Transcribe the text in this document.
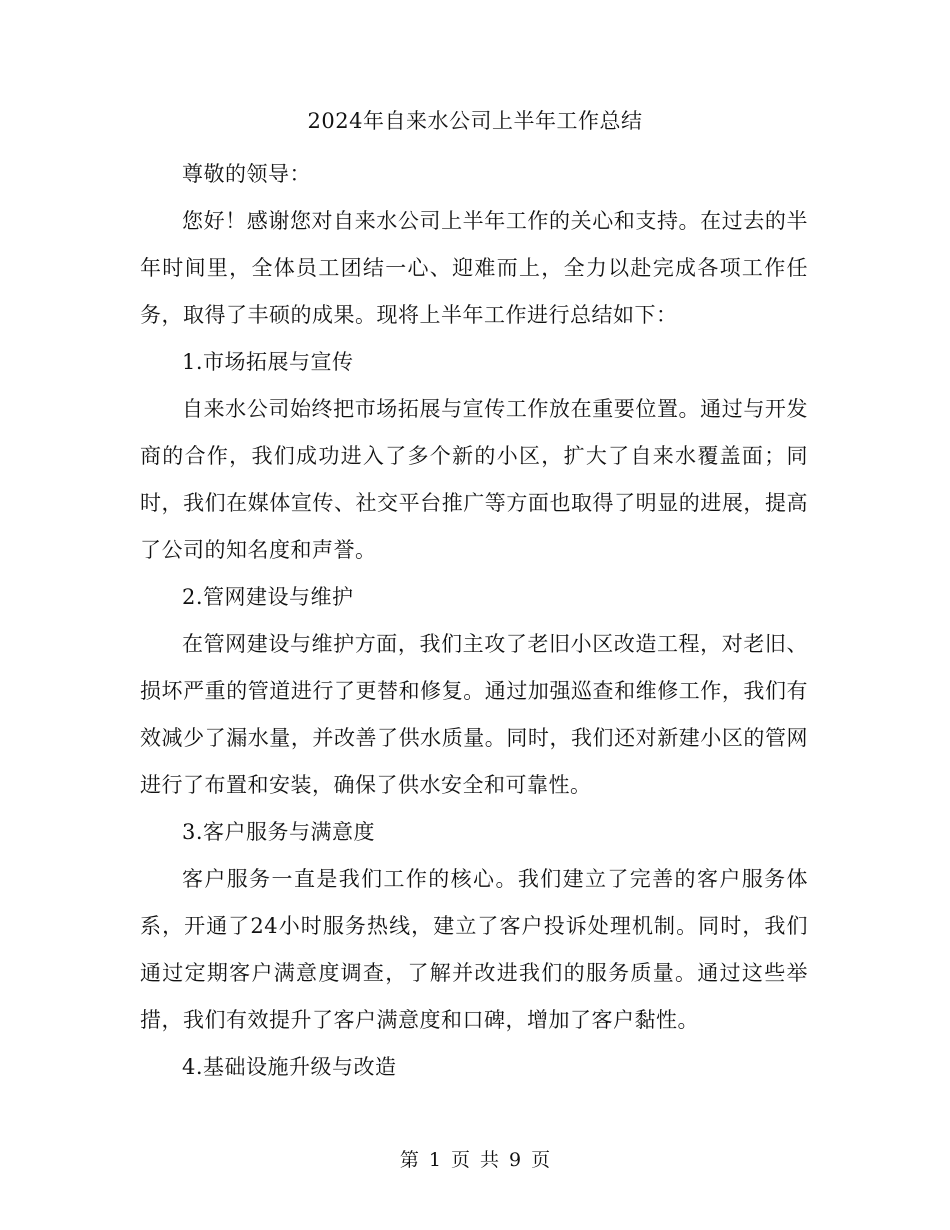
2024年自来水公司上半年工作总结

尊敬的领导：

您好！感谢您对自来水公司上半年工作的关心和支持。在过去的半年时间里，全体员工团结一心、迎难而上，全力以赴完成各项工作任务，取得了丰硕的成果。现将上半年工作进行总结如下：

1.市场拓展与宣传

自来水公司始终把市场拓展与宣传工作放在重要位置。通过与开发商的合作，我们成功进入了多个新的小区，扩大了自来水覆盖面；同时，我们在媒体宣传、社交平台推广等方面也取得了明显的进展，提高了公司的知名度和声誉。

2.管网建设与维护

在管网建设与维护方面，我们主攻了老旧小区改造工程，对老旧、损坏严重的管道进行了更替和修复。通过加强巡查和维修工作，我们有效减少了漏水量，并改善了供水质量。同时，我们还对新建小区的管网进行了布置和安装，确保了供水安全和可靠性。

3.客户服务与满意度

客户服务一直是我们工作的核心。我们建立了完善的客户服务体系，开通了24小时服务热线，建立了客户投诉处理机制。同时，我们通过定期客户满意度调查，了解并改进我们的服务质量。通过这些举措，我们有效提升了客户满意度和口碑，增加了客户黏性。

4.基础设施升级与改造

第 1 页 共 9 页
